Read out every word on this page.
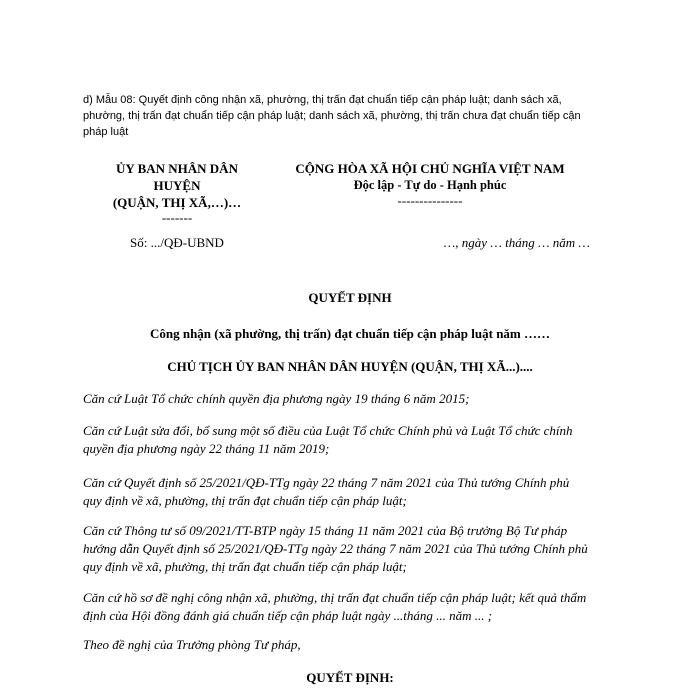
d) Mẫu 08: Quyết định công nhận xã, phường, thị trấn đạt chuẩn tiếp cận pháp luật; danh sách xã,
phường, thị trấn đạt chuẩn tiếp cận pháp luật; danh sách xã, phường, thị trấn chưa đạt chuẩn tiếp cận
pháp luật
ỦY BAN NHÂN DÂN
HUYỆN
(QUẬN, THỊ XÃ,…)…
-------
CỘNG HÒA XÃ HỘI CHỦ NGHĨA VIỆT NAM
Độc lập - Tự do - Hạnh phúc
---------------
Số: .../QĐ-UBND	…, ngày … tháng … năm …
QUYẾT ĐỊNH
Công nhận (xã phường, thị trấn) đạt chuẩn tiếp cận pháp luật năm ……
CHỦ TỊCH ỦY BAN NHÂN DÂN HUYỆN (QUẬN, THỊ XÃ...)....
Căn cứ Luật Tổ chức chính quyền địa phương ngày 19 tháng 6 năm 2015;
Căn cứ Luật sửa đổi, bổ sung một số điều của Luật Tổ chức Chính phủ và Luật Tổ chức chính
quyền địa phương ngày 22 tháng 11 năm 2019;
Căn cứ Quyết định số 25/2021/QĐ-TTg ngày 22 tháng 7 năm 2021 của Thủ tướng Chính phủ
quy định về xã, phường, thị trấn đạt chuẩn tiếp cận pháp luật;
Căn cứ Thông tư số 09/2021/TT-BTP ngày 15 tháng 11 năm 2021 của Bộ trưởng Bộ Tư pháp
hướng dẫn Quyết định số 25/2021/QĐ-TTg ngày 22 tháng 7 năm 2021 của Thủ tướng Chính phủ
quy định về xã, phường, thị trấn đạt chuẩn tiếp cận pháp luật;
Căn cứ hồ sơ đề nghị công nhận xã, phường, thị trấn đạt chuẩn tiếp cận pháp luật; kết quả thẩm
định của Hội đồng đánh giá chuẩn tiếp cận pháp luật ngày ...tháng ... năm ... ;
Theo đề nghị của Trưởng phòng Tư pháp,
QUYẾT ĐỊNH:
